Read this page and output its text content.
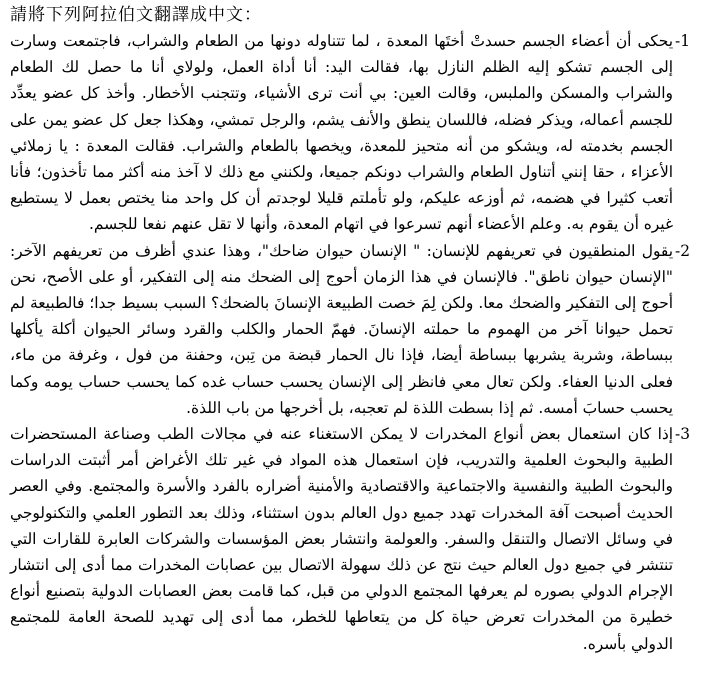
請將下列阿拉伯文翻譯成中文：
-1
يحكى أن أعضاء الجسم حسدتْ أختَها المعدة ، لما تتناوله دونها من الطعام والشراب، فاجتمعت وسارت إلى الجسم تشكو إليه الظلم النازل بها، فقالت اليد: أنا أداة العمل، ولولاي أنا ما حصل لك الطعام والشراب والمسكن والملبس، وقالت العين: بي أنت ترى الأشياء، وتتجنب الأخطار. وأخذ كل عضو يعدِّد للجسم أعماله، ويذكر فضله، فاللسان ينطق والأنف يشم، والرجل تمشي، وهكذا جعل كل عضو يمن على الجسم بخدمته له، ويشكو من أنه متحيز للمعدة، ويخصها بالطعام والشراب. فقالت المعدة : يا زملائي الأعزاء ، حقا إنني أتناول الطعام والشراب دونكم جميعا، ولكنني مع ذلك لا آخذ منه أكثر مما تأخذون؛ فأنا أتعب كثيرا في هضمه، ثم أوزعه عليكم، ولو تأملتم قليلا لوجدتم أن كل واحد منا يختص بعمل لا يستطيع غيره أن يقوم به. وعلم الأعضاء أنهم تسرعوا في اتهام المعدة، وأنها لا تقل عنهم نفعا للجسم.
-2
يقول المنطقيون في تعريفهم للإنسان: " الإنسان حيوان ضاحك"، وهذا عندي أظرف من تعريفهم الآخر: "الإنسان حيوان ناطق". فالإنسان في هذا الزمان أحوج إلى الضحك منه إلى التفكير، أو على الأصح، نحن أحوج إلى التفكير والضحك معا. ولكن لِمَ خصت الطبيعة الإنسانَ بالضحك؟ السبب بسيط جدا؛ فالطبيعة لم تحمل حيوانا آخر من الهموم ما حملته الإنسانَ. فهمّ الحمار والكلب والقرد وسائر الحيوان أكلة يأكلها ببساطة، وشربة يشربها ببساطة أيضا، فإذا نال الحمار قبضة من تِبن، وحفنة من فول ، وغرفة من ماء، فعلى الدنيا العفاء. ولكن تعال معي فانظر إلى الإنسان يحسب حساب غده كما يحسب حساب يومه وكما يحسب حسابَ أمسه. ثم إذا بسطت اللذة لم تعجبه، بل أخرجها من باب اللذة.
-3
إذا كان استعمال بعض أنواع المخدرات لا يمكن الاستغناء عنه في مجالات الطب وصناعة المستحضرات الطبية والبحوث العلمية والتدريب، فإن استعمال هذه المواد في غير تلك الأغراض أمر أثبتت الدراسات والبحوث الطبية والنفسية والاجتماعية والاقتصادية والأمنية أضراره بالفرد والأسرة والمجتمع. وفي العصر الحديث أصبحت آفة المخدرات تهدد جميع دول العالم بدون استثناء، وذلك بعد التطور العلمي والتكنولوجي في وسائل الاتصال والتنقل والسفر. والعولمة وانتشار بعض المؤسسات والشركات العابرة للقارات التي تنتشر في جميع دول العالم حيث نتج عن ذلك سهولة الاتصال بين عصابات المخدرات مما أدى إلى انتشار الإجرام الدولي بصوره لم يعرفها المجتمع الدولي من قبل، كما قامت بعض العصابات الدولية بتصنيع أنواع خطيرة من المخدرات تعرض حياة كل من يتعاطها للخطر، مما أدى إلى تهديد للصحة العامة للمجتمع الدولي بأسره.
